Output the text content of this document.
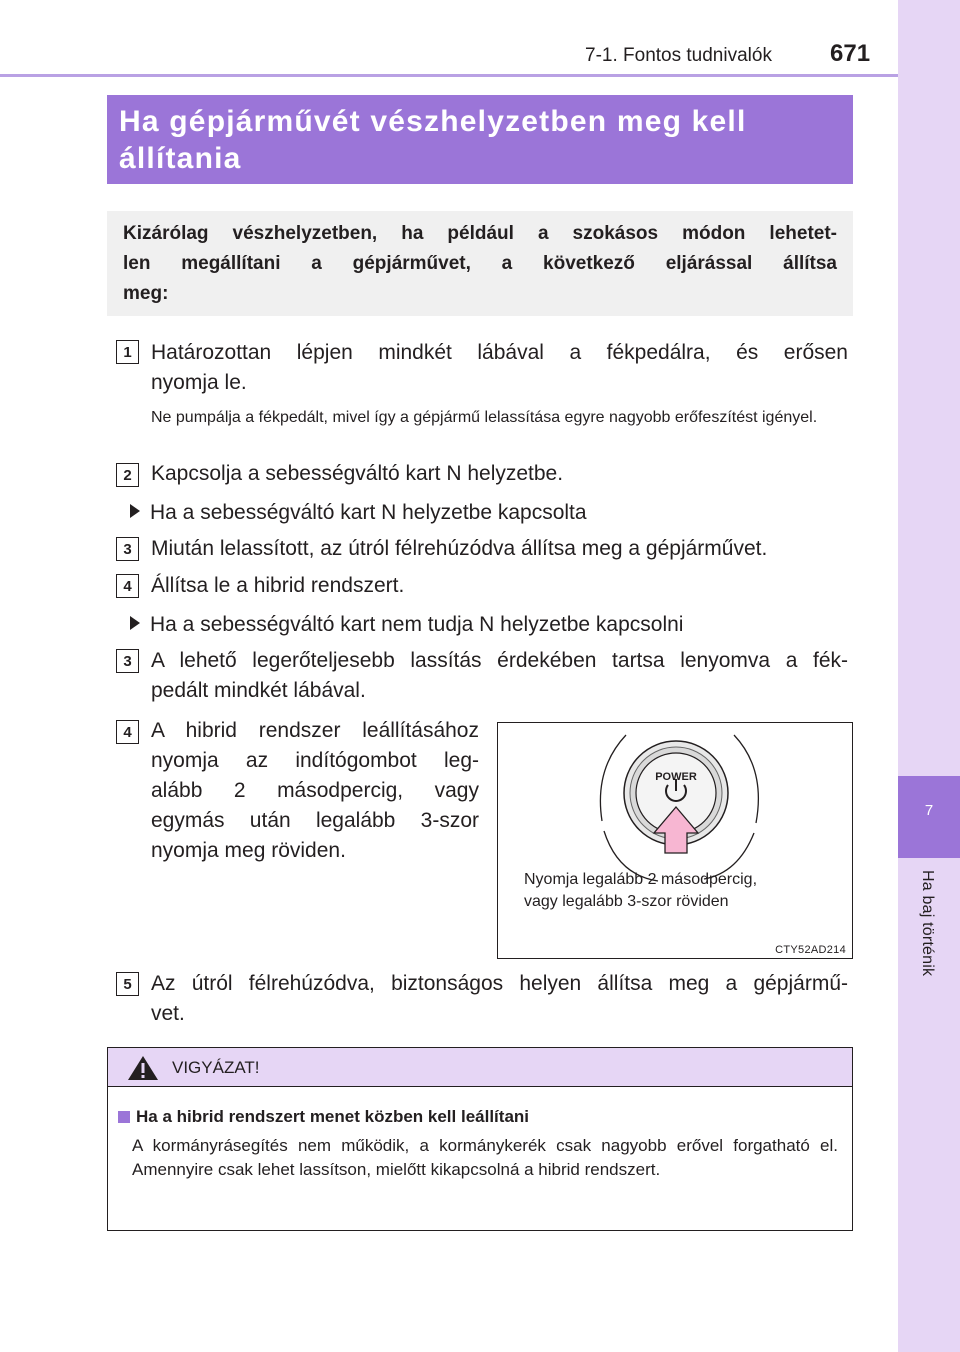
7
Ha baj történik
7-1. Fontos tudnivalók 671
Ha gépjárművét vészhelyzetben meg kell állítania

Kizárólag vészhelyzetben, ha például a szokásos módon lehetet-

len megállítani a gépjárművet, a következő eljárással állítsa

meg:

1 Határozottan lépjen mindkét lábával a fékpedálra, és erősen
nyomja le.
Ne pumpálja a fékpedált, mivel így a gépjármű lelassítása egyre nagyobb erőfeszítést igényel.
2 Kapcsolja a sebességváltó kart N helyzetbe.
Ha a sebességváltó kart N helyzetbe kapcsolta
3 Miután lelassított, az útról félrehúzódva állítsa meg a gépjárművet.
4 Állítsa le a hibrid rendszert.
Ha a sebességváltó kart nem tudja N helyzetbe kapcsolni
3 A lehető legerőteljesebb lassítás érdekében tartsa lenyomva a fék-
pedált mindkét lábával.
4 A hibrid rendszer leállításához
nyomja az indítógombot leg-
alább 2 másodpercig, vagy
egymás után legalább 3-szor
nyomja meg röviden.
POWER
Nyomja legalább 2 másodpercig,
vagy legalább 3-szor röviden
CTY52AD214
5 Az útról félrehúzódva, biztonságos helyen állítsa meg a gépjármű-
vet.
VIGYÁZAT!
Ha a hibrid rendszert menet közben kell leállítani
A kormányrásegítés nem működik, a kormánykerék csak nagyobb erővel forgatható el. Amennyire csak lehet lassítson, mielőtt kikapcsolná a hibrid rendszert.
